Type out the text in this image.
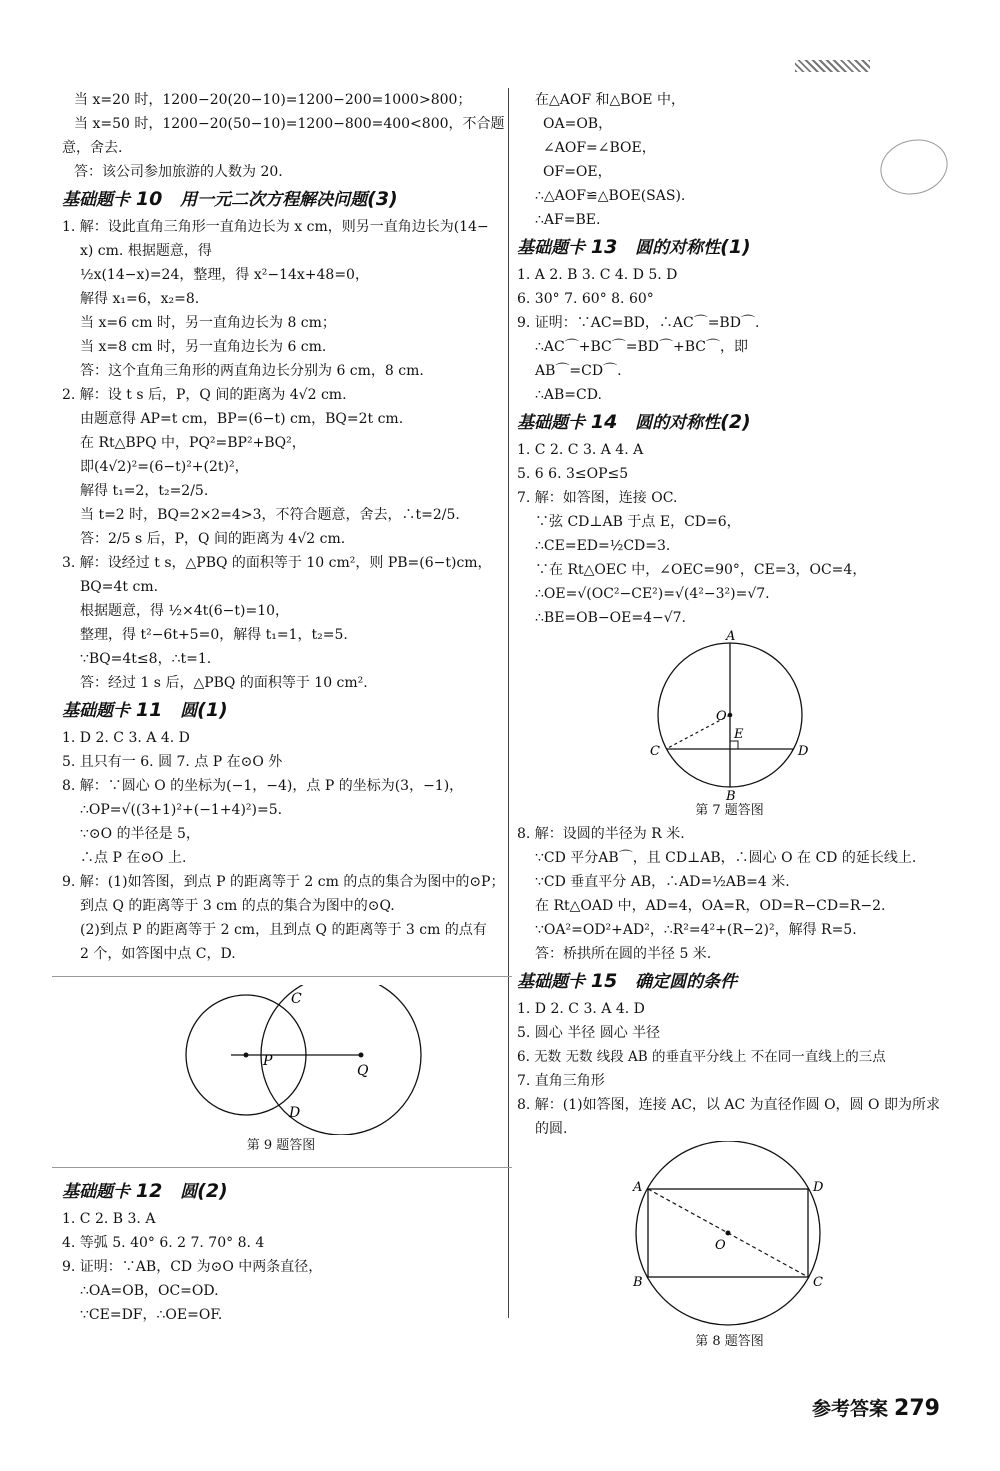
当 x=20 时，1200−20(20−10)=1200−200=1000>800；
当 x=50 时，1200−20(50−10)=1200−800=400<800，不合题
意，舍去.
答：该公司参加旅游的人数为 20.
基础题卡 10 用一元二次方程解决问题(3)
1. 解：设此直角三角形一直角边长为 x cm，则另一直角边长为(14−
x) cm. 根据题意，得
½x(14−x)=24，整理，得 x²−14x+48=0，
解得 x₁=6，x₂=8.
当 x=6 cm 时，另一直角边长为 8 cm；
当 x=8 cm 时，另一直角边长为 6 cm.
答：这个直角三角形的两直角边长分别为 6 cm，8 cm.
2. 解：设 t s 后，P，Q 间的距离为 4√2 cm.
由题意得 AP=t cm，BP=(6−t) cm，BQ=2t cm.
在 Rt△BPQ 中，PQ²=BP²+BQ²，
即(4√2)²=(6−t)²+(2t)²，
解得 t₁=2，t₂=2/5.
当 t=2 时，BQ=2×2=4>3，不符合题意，舍去，∴t=2/5.
答：2/5 s 后，P，Q 间的距离为 4√2 cm.
3. 解：设经过 t s，△PBQ 的面积等于 10 cm²，则 PB=(6−t)cm，
BQ=4t cm.
根据题意，得 ½×4t(6−t)=10，
整理，得 t²−6t+5=0，解得 t₁=1，t₂=5.
∵BQ=4t≤8，∴t=1.
答：经过 1 s 后，△PBQ 的面积等于 10 cm².
基础题卡 11 圆(1)
1. D 2. C 3. A 4. D
5. 且只有一 6. 圆 7. 点 P 在⊙O 外
8. 解：∵圆心 O 的坐标为(−1，−4)，点 P 的坐标为(3，−1)，
∴OP=√((3+1)²+(−1+4)²)=5.
∵⊙O 的半径是 5，
∴点 P 在⊙O 上.
9. 解：(1)如答图，到点 P 的距离等于 2 cm 的点的集合为图中的⊙P；
到点 Q 的距离等于 3 cm 的点的集合为图中的⊙Q.
(2)到点 P 的距离等于 2 cm，且到点 Q 的距离等于 3 cm 的点有
2 个，如答图中点 C，D.
C
P
Q
D
第 9 题答图
基础题卡 12 圆(2)
1. C 2. B 3. A
4. 等弧 5. 40° 6. 2 7. 70° 8. 4
9. 证明：∵AB，CD 为⊙O 中两条直径，
∴OA=OB，OC=OD.
∵CE=DF，∴OE=OF.
在△AOF 和△BOE 中，
OA=OB，
∠AOF=∠BOE，
OF=OE，
∴△AOF≌△BOE(SAS).
∴AF=BE.
基础题卡 13 圆的对称性(1)
1. A 2. B 3. C 4. D 5. D
6. 30° 7. 60° 8. 60°
9. 证明：∵AC=BD，∴AC⌒=BD⌒.
∴AC⌒+BC⌒=BD⌒+BC⌒，即
AB⌒=CD⌒.
∴AB=CD.
基础题卡 14 圆的对称性(2)
1. C 2. C 3. A 4. A
5. 6 6. 3≤OP≤5
7. 解：如答图，连接 OC.
∵弦 CD⊥AB 于点 E，CD=6，
∴CE=ED=½CD=3.
∵在 Rt△OEC 中，∠OEC=90°，CE=3，OC=4，
∴OE=√(OC²−CE²)=√(4²−3²)=√7.
∴BE=OB−OE=4−√7.
A
O
E
C	D
B
第 7 题答图
8. 解：设圆的半径为 R 米.
∵CD 平分AB⌒，且 CD⊥AB，∴圆心 O 在 CD 的延长线上.
∵CD 垂直平分 AB，∴AD=½AB=4 米.
在 Rt△OAD 中，AD=4，OA=R，OD=R−CD=R−2.
∵OA²=OD²+AD²，∴R²=4²+(R−2)²，解得 R=5.
答：桥拱所在圆的半径 5 米.
基础题卡 15 确定圆的条件
1. D 2. C 3. A 4. D
5. 圆心 半径 圆心 半径
6. 无数 无数 线段 AB 的垂直平分线上 不在同一直线上的三点
7. 直角三角形
8. 解：(1)如答图，连接 AC，以 AC 为直径作圆 O，圆 O 即为所求
的圆.
A	D
O
B	C
第 8 题答图
参考答案 279
